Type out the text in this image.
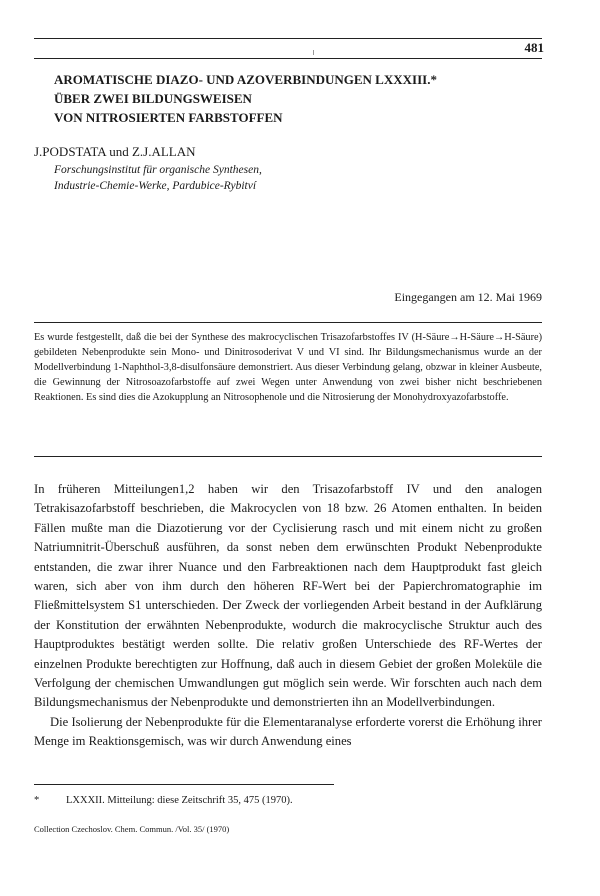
481
AROMATISCHE DIAZO- UND AZOVERBINDUNGEN LXXXIII.*
ÜBER ZWEI BILDUNGSWEISEN
VON NITROSIERTEN FARBSTOFFEN
J.PODSTATA und Z.J.ALLAN
Forschungsinstitut für organische Synthesen,
Industrie-Chemie-Werke, Pardubice-Rybitví
Eingegangen am 12. Mai 1969

Es wurde festgestellt, daß die bei der Synthese des makrocyclischen Trisazofarbstoffes IV (H-Säure→H-Säure→H-Säure) gebildeten Nebenprodukte sein Mono- und Dinitrosoderivat V und VI sind. Ihr Bildungsmechanismus wurde an der Modellverbindung 1-Naphthol-3,8-disulfonsäure demonstriert. Aus dieser Verbindung gelang, obzwar in kleiner Ausbeute, die Gewinnung der Nitrosoazofarbstoffe auf zwei Wegen unter Anwendung von zwei bisher nicht beschriebenen Reaktionen. Es sind dies die Azokupplung an Nitrosophenole und die Nitrosierung der Monohydroxyazofarbstoffe.

In früheren Mitteilungen1,2 haben wir den Trisazofarbstoff IV und den analogen Tetrakisazofarbstoff beschrieben, die Makrocyclen von 18 bzw. 26 Atomen enthalten. In beiden Fällen mußte man die Diazotierung vor der Cyclisierung rasch und mit einem nicht zu großen Natriumnitrit-Überschuß ausführen, da sonst neben dem erwünschten Produkt Nebenprodukte entstanden, die zwar ihrer Nuance und den Farbreaktionen nach dem Hauptprodukt fast gleich waren, sich aber von ihm durch den höheren RF-Wert bei der Papierchromatographie im Fließmittelsystem S1 unterschieden. Der Zweck der vorliegenden Arbeit bestand in der Aufklärung der Konstitution der erwähnten Nebenprodukte, wodurch die makrocyclische Struktur auch des Hauptproduktes bestätigt werden sollte. Die relativ großen Unterschiede des RF-Wertes der einzelnen Produkte berechtigten zur Hoffnung, daß auch in diesem Gebiet der großen Moleküle die Verfolgung der chemischen Umwandlungen gut möglich sein werde. Wir forschten auch nach dem Bildungsmechanismus der Nebenprodukte und demonstrierten ihn an Modellverbindungen.

Die Isolierung der Nebenprodukte für die Elementaranalyse erforderte vorerst die Erhöhung ihrer Menge im Reaktionsgemisch, was wir durch Anwendung eines

*	LXXXII. Mitteilung: diese Zeitschrift 35, 475 (1970).
Collection Czechoslov. Chem. Commun. /Vol. 35/ (1970)
